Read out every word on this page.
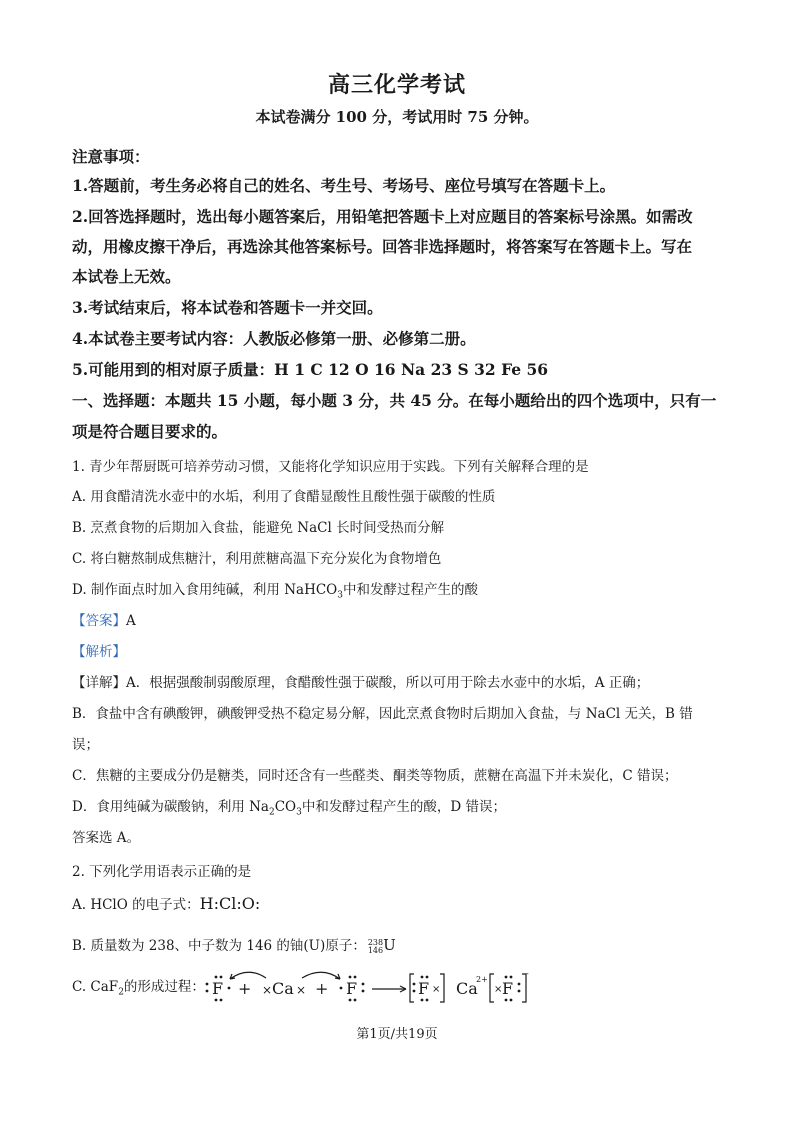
高三化学考试
本试卷满分 100 分，考试用时 75 分钟。
注意事项：
1.答题前，考生务必将自己的姓名、考生号、考场号、座位号填写在答题卡上。
2.回答选择题时，选出每小题答案后，用铅笔把答题卡上对应题目的答案标号涂黑。如需改
动，用橡皮擦干净后，再选涂其他答案标号。回答非选择题时，将答案写在答题卡上。写在
本试卷上无效。
3.考试结束后，将本试卷和答题卡一并交回。
4.本试卷主要考试内容：人教版必修第一册、必修第二册。
5.可能用到的相对原子质量：H 1 C 12 O 16 Na 23 S 32 Fe 56
一、选择题：本题共 15 小题，每小题 3 分，共 45 分。在每小题给出的四个选项中，只有一
项是符合题目要求的。
1. 青少年帮厨既可培养劳动习惯，又能将化学知识应用于实践。下列有关解释合理的是
A. 用食醋清洗水壶中的水垢，利用了食醋显酸性且酸性强于碳酸的性质
B. 烹煮食物的后期加入食盐，能避免 NaCl 长时间受热而分解
C. 将白糖熬制成焦糖汁，利用蔗糖高温下充分炭化为食物增色
D. 制作面点时加入食用纯碱，利用 NaHCO$_3$中和发酵过程产生的酸
【答案】A
【解析】
【详解】A．根据强酸制弱酸原理，食醋酸性强于碳酸，所以可用于除去水壶中的水垢，A 正确；
B．食盐中含有碘酸钾，碘酸钾受热不稳定易分解，因此烹煮食物时后期加入食盐，与 NaCl 无关，B 错
误；
C．焦糖的主要成分仍是糖类，同时还含有一些醛类、酮类等物质，蔗糖在高温下并未炭化，C 错误；
D．食用纯碱为碳酸钠，利用 $Na_2CO_3$中和发酵过程产生的酸，D 错误；
答案选 A。
2. 下列化学用语表示正确的是
A. HClO 的电子式：H:Cl:O:
B. 质量数为 238、中子数为 146 的铀(U)原子： 238
146 U
C. CaF$_2$的形成过程： F + × Ca × + F	F Ca
2+ F
×	×
-	-
第1页/共19页
